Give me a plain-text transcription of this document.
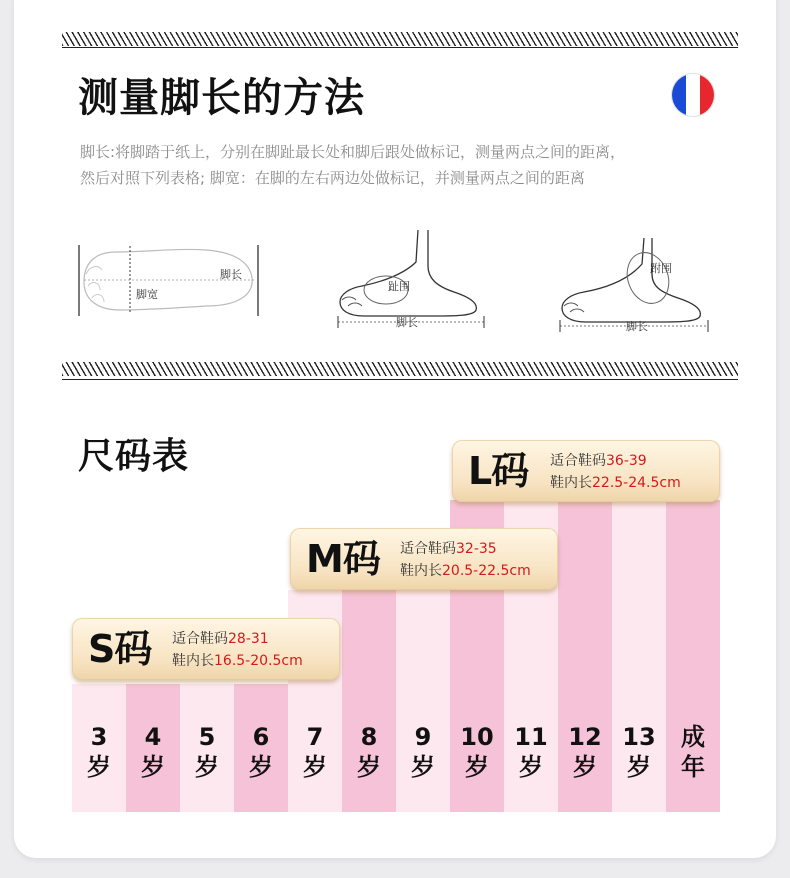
测量脚长的方法
脚长:将脚踏于纸上，分别在脚趾最长处和脚后跟处做标记，测量两点之间的距离，
然后对照下列表格; 脚宽：在脚的左右两边处做标记，并测量两点之间的距离
脚长
脚宽
趾围
脚长
跗围
脚长
尺码表
3
岁
4
岁
5
岁
6
岁
7
岁
8
岁
9
岁
10
岁
11
岁
12
岁
13
岁
成
年
S码 适合鞋码28-31
鞋内长16.5-20.5cm
M码 适合鞋码32-35
鞋内长20.5-22.5cm
L码 适合鞋码36-39
鞋内长22.5-24.5cm
